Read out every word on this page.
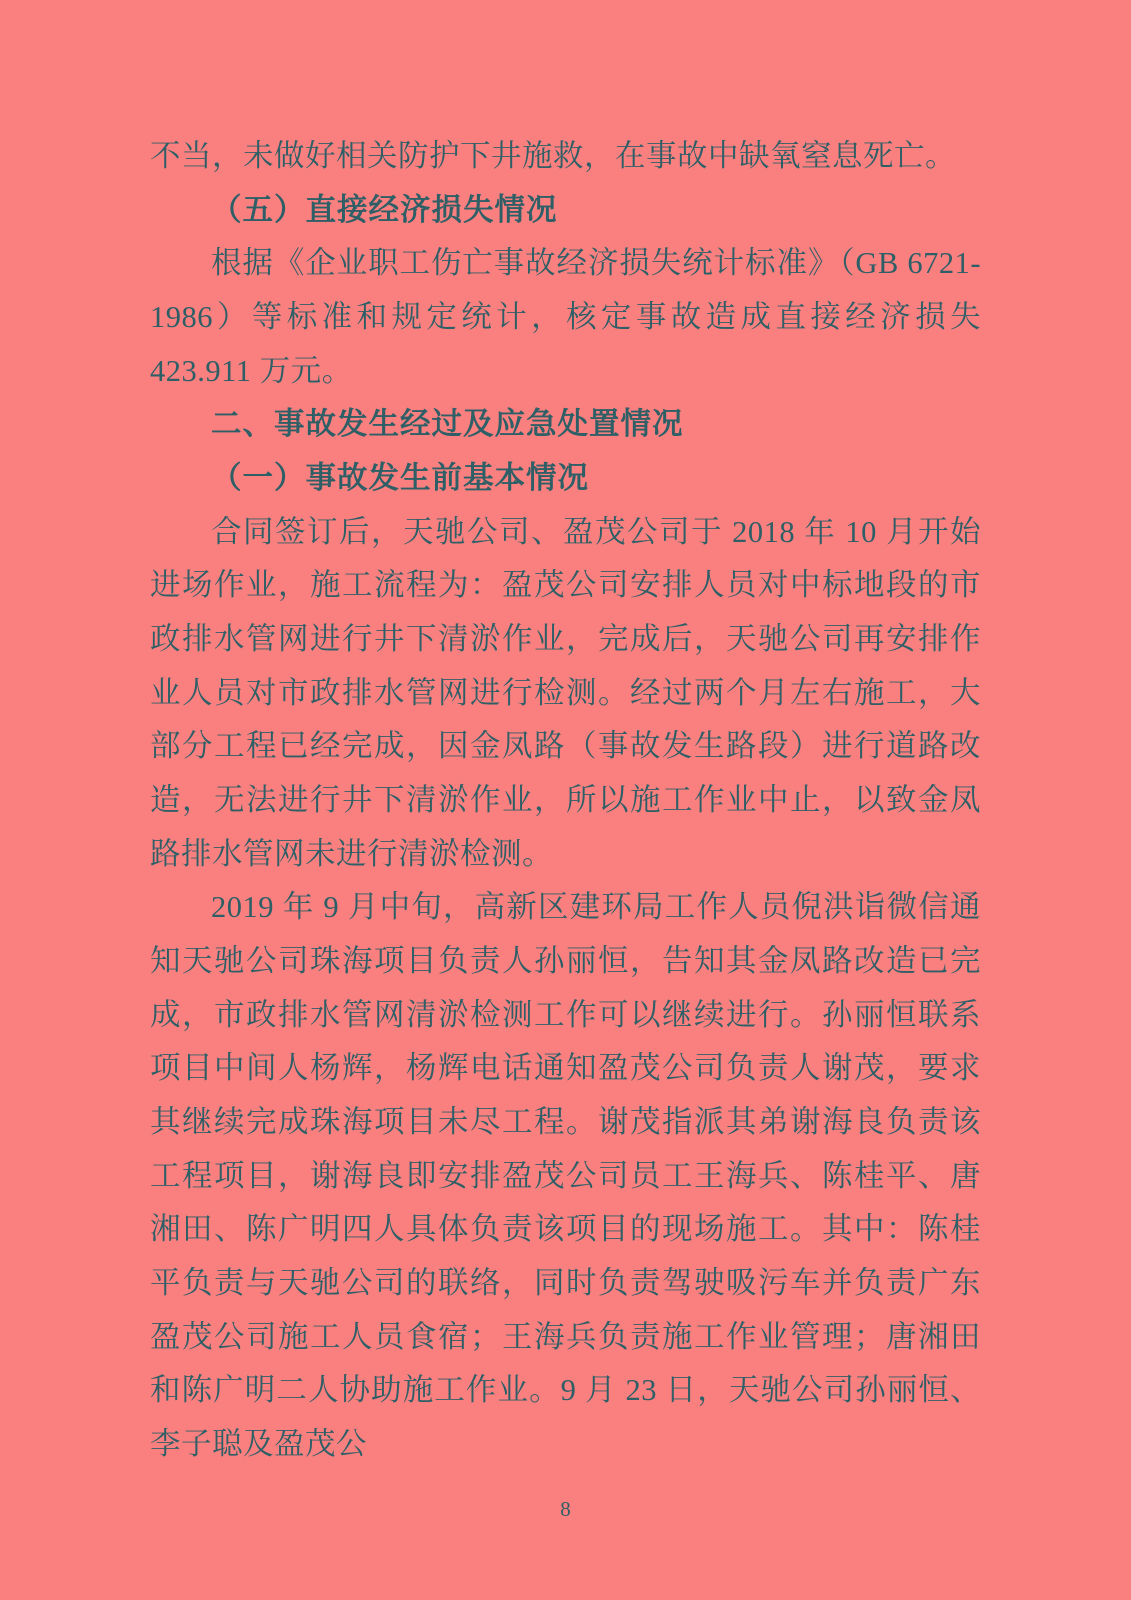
不当，未做好相关防护下井施救，在事故中缺氧窒息死亡。

（五）直接经济损失情况

根据《企业职工伤亡事故经济损失统计标准》（GB 6721-1986）等标准和规定统计，核定事故造成直接经济损失423.911 万元。

二、事故发生经过及应急处置情况

（一）事故发生前基本情况

合同签订后，天驰公司、盈茂公司于 2018 年 10 月开始进场作业，施工流程为：盈茂公司安排人员对中标地段的市政排水管网进行井下清淤作业，完成后，天驰公司再安排作业人员对市政排水管网进行检测。经过两个月左右施工，大部分工程已经完成，因金凤路（事故发生路段）进行道路改造，无法进行井下清淤作业，所以施工作业中止，以致金凤路排水管网未进行清淤检测。

2019 年 9 月中旬，高新区建环局工作人员倪洪诣微信通知天驰公司珠海项目负责人孙丽恒，告知其金凤路改造已完成，市政排水管网清淤检测工作可以继续进行。孙丽恒联系项目中间人杨辉，杨辉电话通知盈茂公司负责人谢茂，要求其继续完成珠海项目未尽工程。谢茂指派其弟谢海良负责该工程项目，谢海良即安排盈茂公司员工王海兵、陈桂平、唐湘田、陈广明四人具体负责该项目的现场施工。其中：陈桂平负责与天驰公司的联络，同时负责驾驶吸污车并负责广东盈茂公司施工人员食宿；王海兵负责施工作业管理；唐湘田和陈广明二人协助施工作业。9 月 23 日，天驰公司孙丽恒、李子聪及盈茂公

8
